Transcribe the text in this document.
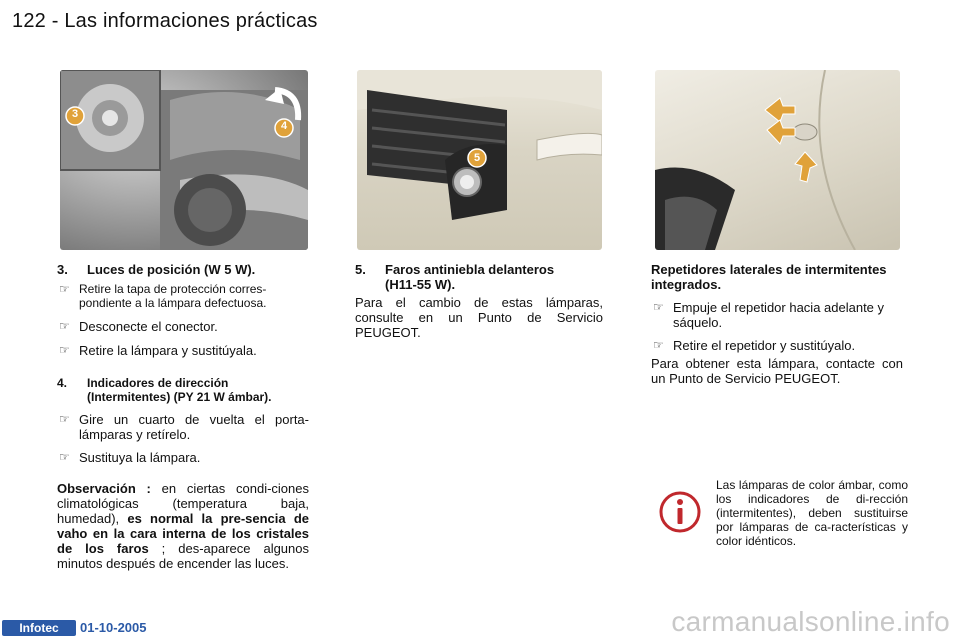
122 - Las informaciones prácticas
3
4
5
3. Luces de posición (W 5 W).
☞ Retire la tapa de protección corres-pondiente a la lámpara defectuosa.
☞ Desconecte el conector.
☞ Retire la lámpara y sustitúyala.
4. Indicadores de dirección
(Intermitentes) (PY 21 W ámbar).
☞ Gire un cuarto de vuelta el porta-lámparas y retírelo.
☞ Sustituya la lámpara.

Observación : en ciertas condi-ciones climatológicas (temperatura baja, humedad), es normal la pre-sencia de vaho en la cara interna de los cristales de los faros ; des-aparece algunos minutos después de encender las luces.

5. Faros antiniebla delanteros
(H11-55 W).

Para el cambio de estas lámparas, consulte en un Punto de Servicio PEUGEOT.

Repetidores laterales de intermitentes integrados.
☞ Empuje el repetidor hacia adelante y sáquelo.
☞ Retire el repetidor y sustitúyalo.

Para obtener esta lámpara, contacte con un Punto de Servicio PEUGEOT.

Las lámparas de color ámbar, como los indicadores de di-rección (intermitentes), deben sustituirse por lámparas de ca-racterísticas y color idénticos.

Infotec	01-10-2005	carmanualsonline.info
